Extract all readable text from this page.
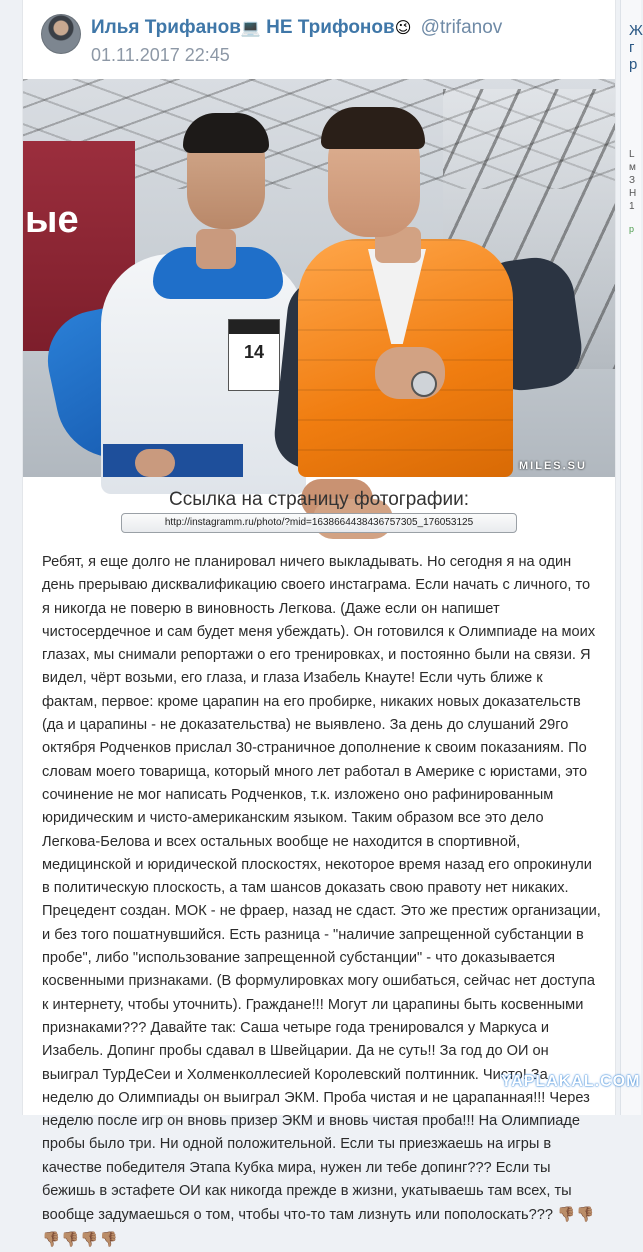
Ж
г
р

L
м
З
Н
1
р
Илья Трифанов💻 НЕ Трифонов😉 @trifanov
01.11.2017 22:45
ые
14
MILES.SU
Ссылка на страницу фотографии:
http://instagramm.ru/photo/?mid=1638664438436757305_176053125

Ребят, я еще долго не планировал ничего выкладывать. Но сегодня я на один день прерываю дисквалификацию своего инстаграма. Если начать с личного, то я никогда не поверю в виновность Легкова. (Даже если он напишет чистосердечное и сам будет меня убеждать). Он готовился к Олимпиаде на моих глазах, мы снимали репортажи о его тренировках, и постоянно были на связи. Я видел, чёрт возьми, его глаза, и глаза Изабель Кнауте! Если чуть ближе к фактам, первое: кроме царапин на его пробирке, никаких новых доказательств (да и царапины - не доказательства) не выявлено. За день до слушаний 29го октября Родченков прислал 30-страничное дополнение к своим показаниям. По словам моего товарища, который много лет работал в Америке с юристами, это сочинение не мог написать Родченков, т.к. изложено оно рафинированным юридическим и чисто-американским языком. Таким образом все это дело Легкова-Белова и всех остальных вообще не находится в спортивной, медицинской и юридической плоскостях, некоторое время назад его опрокинули в политическую плоскость, а там шансов доказать свою правоту нет никаких. Прецедент создан. МОК - не фраер, назад не сдаст. Это же престиж организации, и без того пошатнувшийся. Есть разница - "наличие запрещенной субстанции в пробе", либо "использование запрещенной субстанции" - что доказывается косвенными признаками. (В формулировках могу ошибаться, сейчас нет доступа к интернету, чтобы уточнить). Граждане!!! Могут ли царапины быть косвенными признаками??? Давайте так: Саша четыре года тренировался у Маркуса и Изабель. Допинг пробы сдавал в Швейцарии. Да не суть!! За год до ОИ он выиграл ТурДеСеи и Холменколлесией Королевский полтинник. Чисто! За неделю до Олимпиады он выиграл ЭКМ. Проба чистая и не царапанная!!! Через неделю после игр он вновь призер ЭКМ и вновь чистая проба!!! На Олимпиаде пробы было три. Ни одной положительной. Если ты приезжаешь на игры в качестве победителя Этапа Кубка мира, нужен ли тебе допинг??? Если ты бежишь в эстафете ОИ как никогда прежде в жизни, укатываешь там всех, ты вообще задумаешься о том, чтобы что-то там лизнуть или пополоскать??? 👎🏽👎🏽👎🏽👎🏽👎🏽👎🏽

YAPLAKAL.COM
